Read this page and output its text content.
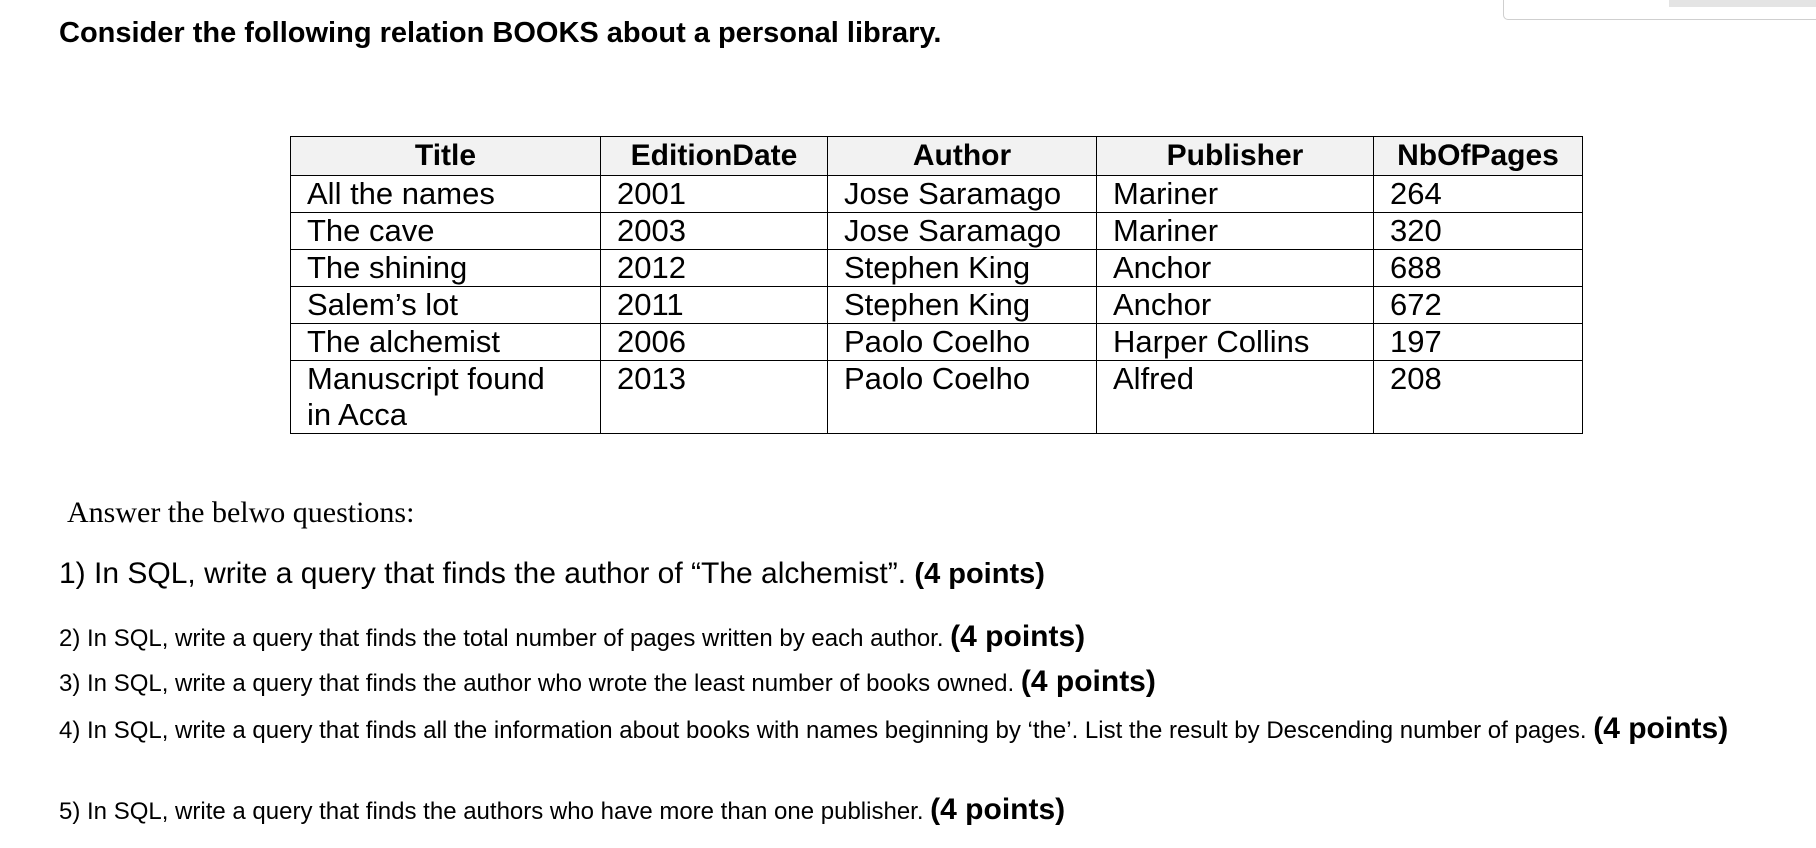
Consider the following relation BOOKS about a personal library.
Title	EditionDate	Author	Publisher	NbOfPages
All the names	2001	Jose Saramago	Mariner	264
The cave	2003	Jose Saramago	Mariner	320
The shining	2012	Stephen King	Anchor	688
Salem’s lot	2011	Stephen King	Anchor	672
The alchemist	2006	Paolo Coelho	Harper Collins	197
Manuscript found in Acca	2013	Paolo Coelho	Alfred	208

Answer the belwo questions:

1) In SQL, write a query that finds the author of “The alchemist”. (4 points)

2) In SQL, write a query that finds the total number of pages written by each author. (4 points)

3) In SQL, write a query that finds the author who wrote the least number of books owned. (4 points)

4) In SQL, write a query that finds all the information about books with names beginning by ‘the’. List the result by Descending number of pages. (4 points)

5) In SQL, write a query that finds the authors who have more than one publisher. (4 points)
